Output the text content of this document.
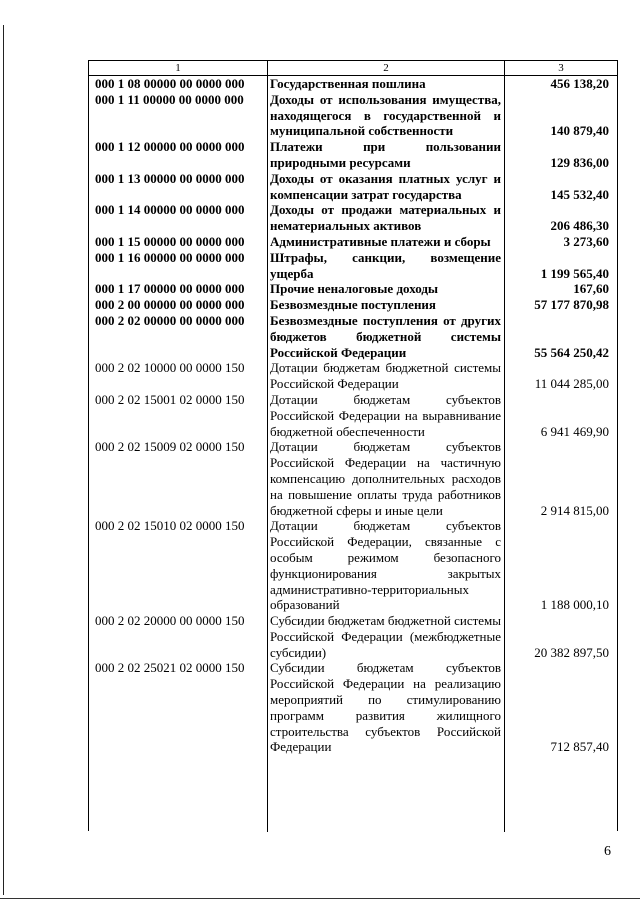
1	2	3
000 1 08 00000 00 0000 000	Государственная пошлина	456 138,20
000 1 11 00000 00 0000 000	Доходы от использования имущества, находящегося в государственной и муниципальной собственности	140 879,40
000 1 12 00000 00 0000 000	Платежи при пользовании природными ресурсами	129 836,00
000 1 13 00000 00 0000 000	Доходы от оказания платных услуг и компенсации затрат государства	145 532,40
000 1 14 00000 00 0000 000	Доходы от продажи материальных и нематериальных активов	206 486,30
000 1 15 00000 00 0000 000	Административные платежи и сборы	3 273,60
000 1 16 00000 00 0000 000	Штрафы, санкции, возмещение ущерба	1 199 565,40
000 1 17 00000 00 0000 000	Прочие неналоговые доходы	167,60
000 2 00 00000 00 0000 000	Безвозмездные поступления	57 177 870,98
000 2 02 00000 00 0000 000	Безвозмездные поступления от других бюджетов бюджетной системы Российской Федерации	55 564 250,42
000 2 02 10000 00 0000 150	Дотации бюджетам бюджетной системы Российской Федерации	11 044 285,00
000 2 02 15001 02 0000 150	Дотации бюджетам субъектов Российской Федерации на выравнивание бюджетной обеспеченности	6 941 469,90
000 2 02 15009 02 0000 150	Дотации бюджетам субъектов Российской Федерации на частичную компенсацию дополнительных расходов на повышение оплаты труда работников бюджетной сферы и иные цели	2 914 815,00
000 2 02 15010 02 0000 150	Дотации бюджетам субъектов Российской Федерации, связанные с особым режимом безопасного функционирования закрытых административно-территориальных образований	1 188 000,10
000 2 02 20000 00 0000 150	Субсидии бюджетам бюджетной системы Российской Федерации (межбюджетные субсидии)	20 382 897,50
000 2 02 25021 02 0000 150	Субсидии бюджетам субъектов Российской Федерации на реализацию мероприятий по стимулированию программ развития жилищного строительства субъектов Российской Федерации	712 857,40
6
